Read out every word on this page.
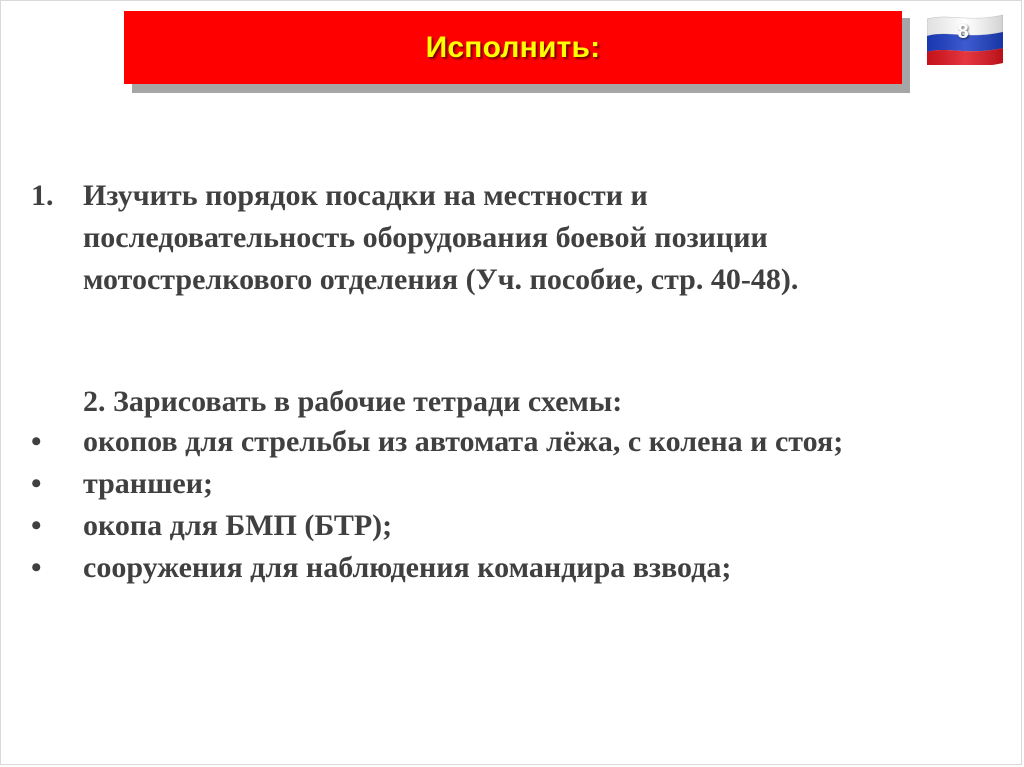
Исполнить:	8
1. Изучить порядок посадки на местности и
последовательность оборудования боевой позиции
мотострелкового отделения (Уч. пособие, стр. 40-48).
2. Зарисовать в рабочие тетради схемы:
• окопов для стрельбы из автомата лёжа, с колена и стоя;
• траншеи;
• окопа для БМП (БТР);
• сооружения для наблюдения командира взвода;
